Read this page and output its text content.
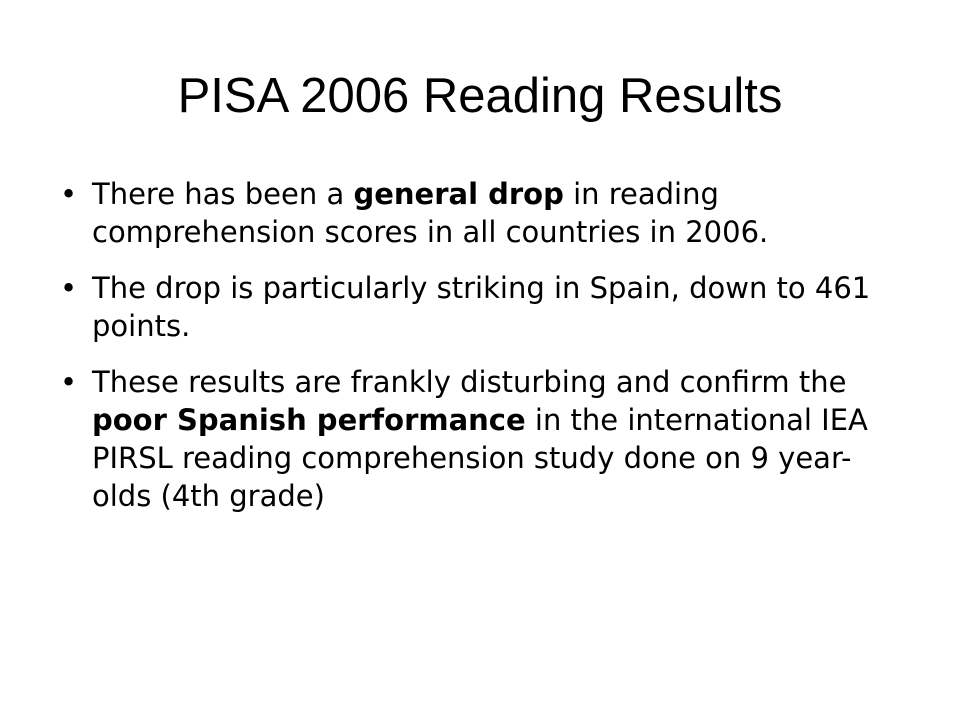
PISA 2006 Reading Results
• There has been a general drop in reading comprehension scores in all countries in 2006.
• The drop is particularly striking in Spain, down to 461 points.
• These results are frankly disturbing and confirm the poor Spanish performance in the international IEA PIRSL reading comprehension study done on 9 year-olds (4th grade)
